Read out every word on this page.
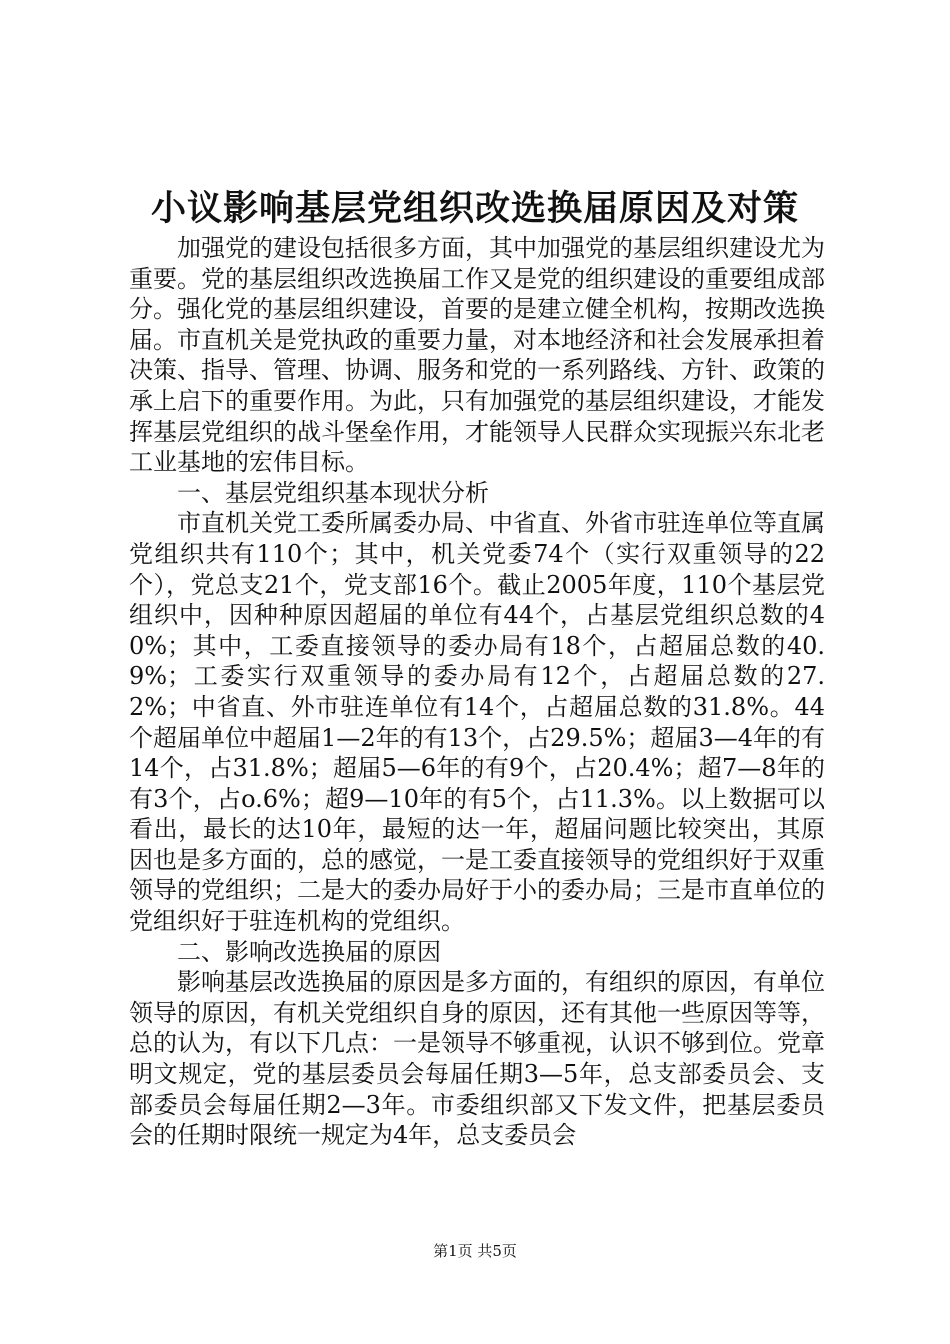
小议影响基层党组织改选换届原因及对策

加强党的建设包括很多方面，其中加强党的基层组织建设尤为重要。党的基层组织改选换届工作又是党的组织建设的重要组成部分。强化党的基层组织建设，首要的是建立健全机构，按期改选换届。市直机关是党执政的重要力量，对本地经济和社会发展承担着决策、指导、管理、协调、服务和党的一系列路线、方针、政策的承上启下的重要作用。为此，只有加强党的基层组织建设，才能发挥基层党组织的战斗堡垒作用，才能领导人民群众实现振兴东北老工业基地的宏伟目标。

一、基层党组织基本现状分析

市直机关党工委所属委办局、中省直、外省市驻连单位等直属党组织共有110个；其中，机关党委74个（实行双重领导的22个），党总支21个，党支部16个。截止2005年度，110个基层党组织中，因种种原因超届的单位有44个，占基层党组织总数的40%；其中，工委直接领导的委办局有18个，占超届总数的40.9%；工委实行双重领导的委办局有12个，占超届总数的27.2%；中省直、外市驻连单位有14个，占超届总数的31.8%。44个超届单位中超届1—2年的有13个，占29.5%；超届3—4年的有14个，占31.8%；超届5—6年的有9个，占20.4%；超7—8年的有3个，占o.6%；超9—10年的有5个，占11.3%。以上数据可以看出，最长的达10年，最短的达一年，超届问题比较突出，其原因也是多方面的，总的感觉，一是工委直接领导的党组织好于双重领导的党组织；二是大的委办局好于小的委办局；三是市直单位的党组织好于驻连机构的党组织。

二、影响改选换届的原因

影响基层改选换届的原因是多方面的，有组织的原因，有单位领导的原因，有机关党组织自身的原因，还有其他一些原因等等，总的认为，有以下几点：一是领导不够重视，认识不够到位。党章明文规定，党的基层委员会每届任期3—5年，总支部委员会、支部委员会每届任期2—3年。市委组织部又下发文件，把基层委员会的任期时限统一规定为4年，总支委员会

第1页 共5页
